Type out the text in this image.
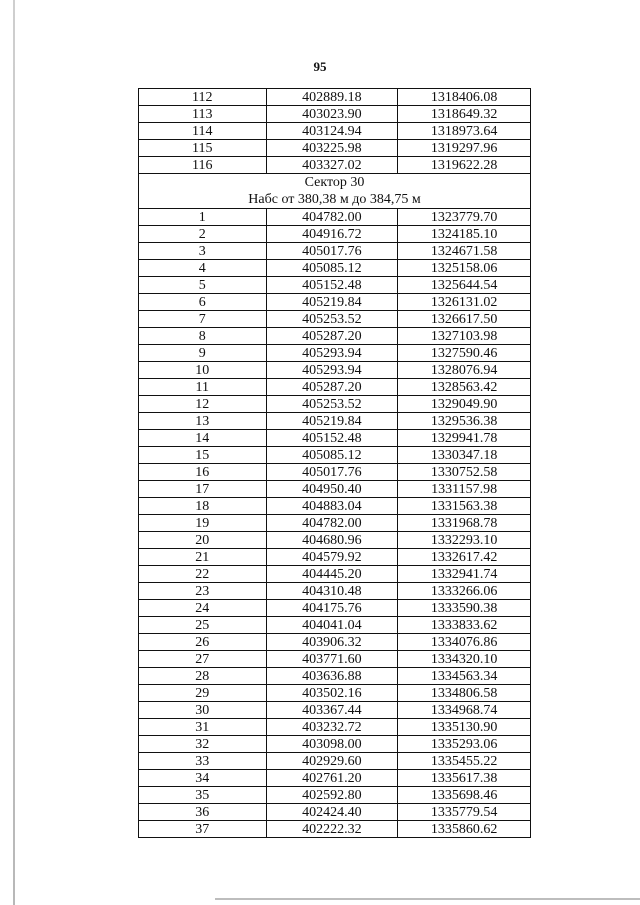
95
112	402889.18	1318406.08
113	403023.90	1318649.32
114	403124.94	1318973.64
115	403225.98	1319297.96
116	403327.02	1319622.28

Сектор 30
Набс от 380,38 м до 384,75 м		

1	404782.00	1323779.70
2	404916.72	1324185.10
3	405017.76	1324671.58
4	405085.12	1325158.06
5	405152.48	1325644.54
6	405219.84	1326131.02
7	405253.52	1326617.50
8	405287.20	1327103.98
9	405293.94	1327590.46
10	405293.94	1328076.94
11	405287.20	1328563.42
12	405253.52	1329049.90
13	405219.84	1329536.38
14	405152.48	1329941.78
15	405085.12	1330347.18
16	405017.76	1330752.58
17	404950.40	1331157.98
18	404883.04	1331563.38
19	404782.00	1331968.78
20	404680.96	1332293.10
21	404579.92	1332617.42
22	404445.20	1332941.74
23	404310.48	1333266.06
24	404175.76	1333590.38
25	404041.04	1333833.62
26	403906.32	1334076.86
27	403771.60	1334320.10
28	403636.88	1334563.34
29	403502.16	1334806.58
30	403367.44	1334968.74
31	403232.72	1335130.90
32	403098.00	1335293.06
33	402929.60	1335455.22
34	402761.20	1335617.38
35	402592.80	1335698.46
36	402424.40	1335779.54
37	402222.32	1335860.62
